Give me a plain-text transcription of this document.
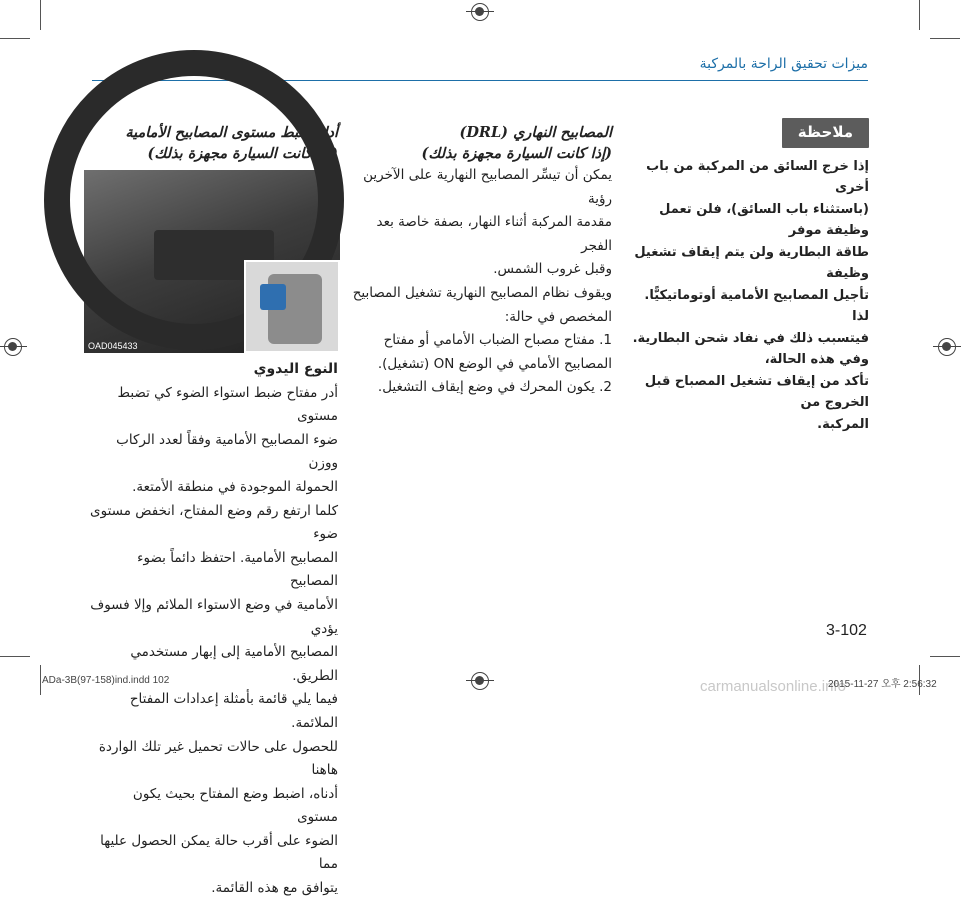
ميزات تحقيق الراحة بالمركبة
أداة ضبط مستوى المصابيح الأمامية
(إذا كانت السيارة مجهزة بذلك)
النوع اليدوي

أدر مفتاح ضبط استواء الضوء كي تضبط مستوى

ضوء المصابيح الأمامية وفقاً لعدد الركاب ووزن

الحمولة الموجودة في منطقة الأمتعة.

كلما ارتفع رقم وضع المفتاح، انخفض مستوى ضوء

المصابيح الأمامية. احتفظ دائماً بضوء المصابيح

الأمامية في وضع الاستواء الملائم وإلا فسوف يؤدي

المصابيح الأمامية إلى إبهار مستخدمي الطريق.

فيما يلي قائمة بأمثلة إعدادات المفتاح الملائمة.

للحصول على حالات تحميل غير تلك الواردة هاهنا

أدناه، اضبط وضع المفتاح بحيث يكون مستوى

الضوء على أقرب حالة يمكن الحصول عليها مما

يتوافق مع هذه القائمة.

OAD045433
المصابيح النهاري (DRL)
(إذا كانت السيارة مجهزة بذلك)

يمكن أن تيسِّر المصابيح النهارية على الآخرين رؤية

مقدمة المركبة أثناء النهار، بصفة خاصة بعد الفجر

وقبل غروب الشمس.

ويقوف نظام المصابيح النهارية تشغيل المصابيح

المخصص في حالة:

1. مفتاح مصباح الضباب الأمامي أو مفتاح

المصابيح الأمامي في الوضع ON (تشغيل).

2. يكون المحرك في وضع إيقاف التشغيل.

ملاحظة

إذا خرج السائق من المركبة من باب أخرى

(باستثناء باب السائق)، فلن تعمل وظيفة موفر

طاقة البطارية ولن يتم إيقاف تشغيل وظيفة

تأجيل المصابيح الأمامية أوتوماتيكيًّا. لذا

فيتسبب ذلك في نفاد شحن البطارية. وفي هذه الحالة،

تأكد من إيقاف تشغيل المصباح قبل الخروج من

المركبة.

3-102
ADa-3B(97-158)ind.indd 102	carmanualsonline.info
2015-11-27 오후 2:56:32
